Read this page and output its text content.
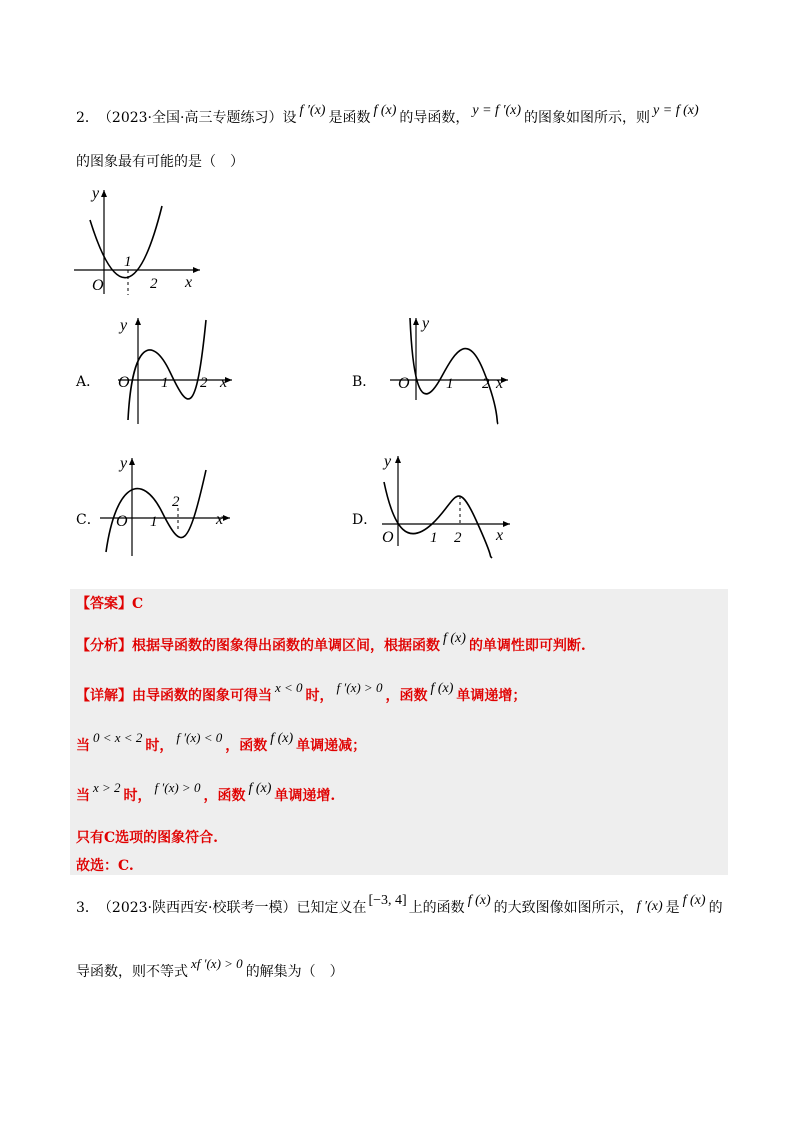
2． （2023·全国·高三专题练习）设 f ′(x) 是函数 f (x) 的导函数， y = f ′(x) 的图象如图所示，则 y = f (x)
的图象最有可能的是（　）
y
x
O
1
2
A．
y
x
O 1 2	B．
y
x
O 1 2
C．
y
x
O 1
2
D．
y
x
O 1 2
【答案】C
【分析】根据导函数的图象得出函数的单调区间，根据函数 f (x) 的单调性即可判断.
【详解】由导函数的图象可得当x < 0时，f ′(x) > 0，函数 f (x) 单调递增；
当0 < x < 2时，f ′(x) < 0，函数 f (x) 单调递减；
当x > 2时，f ′(x) > 0，函数 f (x) 单调递增.
只有C选项的图象符合.
故选：C.
3． （2023·陕西西安·校联考一模）已知定义在 [−3, 4] 上的函数 f (x) 的大致图像如图所示， f ′(x) 是 f (x) 的
导函数，则不等式xf ′(x) > 0的解集为（　）
